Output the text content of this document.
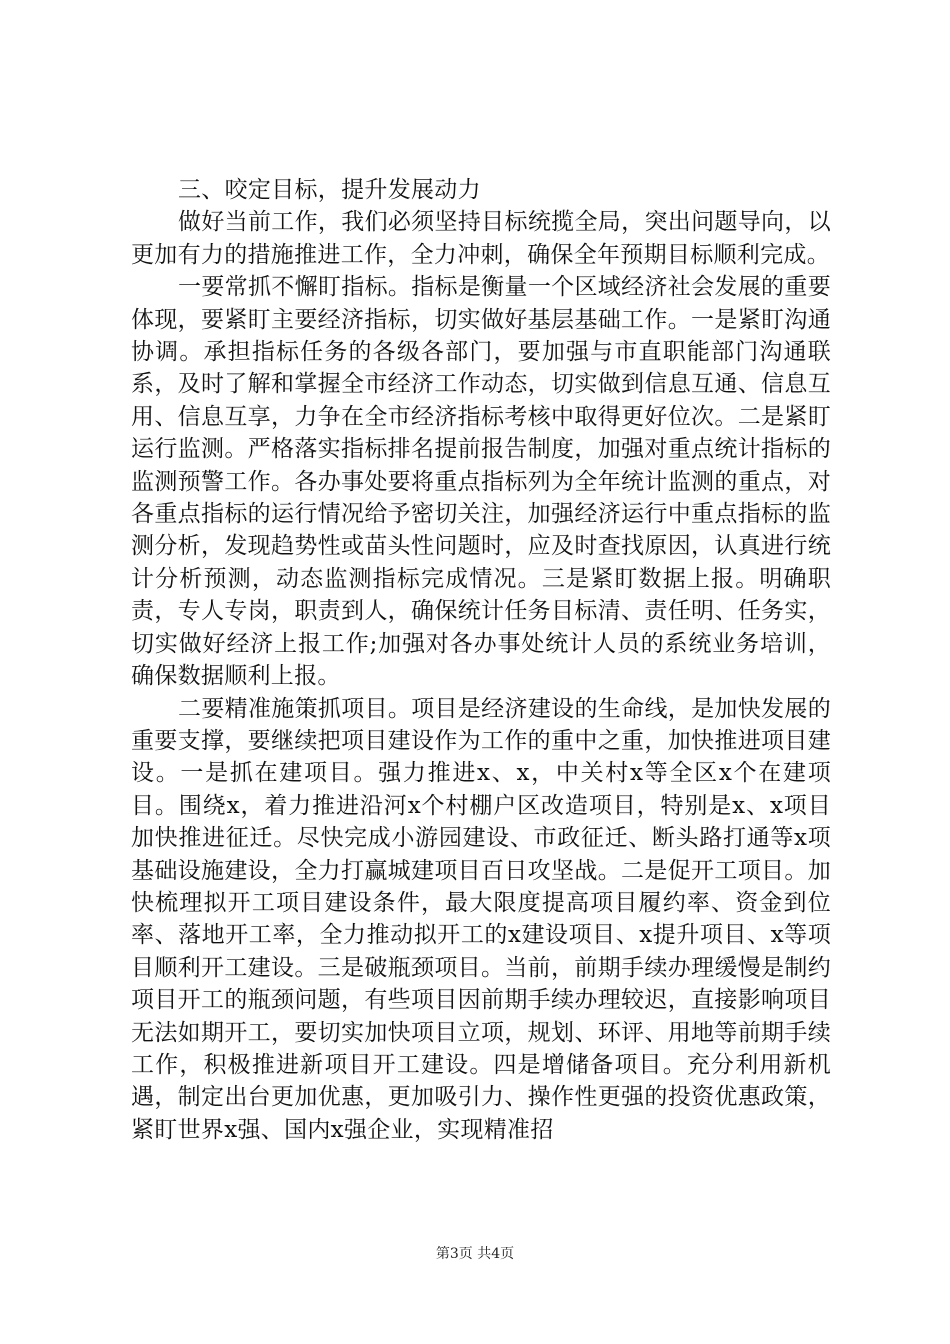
三、咬定目标，提升发展动力

做好当前工作，我们必须坚持目标统揽全局，突出问题导向，以更加有力的措施推进工作，全力冲刺，确保全年预期目标顺利完成。

一要常抓不懈盯指标。指标是衡量一个区域经济社会发展的重要体现，要紧盯主要经济指标，切实做好基层基础工作。一是紧盯沟通协调。承担指标任务的各级各部门，要加强与市直职能部门沟通联系，及时了解和掌握全市经济工作动态，切实做到信息互通、信息互用、信息互享，力争在全市经济指标考核中取得更好位次。二是紧盯运行监测。严格落实指标排名提前报告制度，加强对重点统计指标的监测预警工作。各办事处要将重点指标列为全年统计监测的重点，对各重点指标的运行情况给予密切关注，加强经济运行中重点指标的监测分析，发现趋势性或苗头性问题时，应及时查找原因，认真进行统计分析预测，动态监测指标完成情况。三是紧盯数据上报。明确职责，专人专岗，职责到人，确保统计任务目标清、责任明、任务实，切实做好经济上报工作;加强对各办事处统计人员的系统业务培训，确保数据顺利上报。

二要精准施策抓项目。项目是经济建设的生命线，是加快发展的重要支撑，要继续把项目建设作为工作的重中之重，加快推进项目建设。一是抓在建项目。强力推进x、x，中关村x等全区x个在建项目。围绕x，着力推进沿河x个村棚户区改造项目，特别是x、x项目加快推进征迁。尽快完成小游园建设、市政征迁、断头路打通等x项基础设施建设，全力打赢城建项目百日攻坚战。二是促开工项目。加快梳理拟开工项目建设条件，最大限度提高项目履约率、资金到位率、落地开工率，全力推动拟开工的x建设项目、x提升项目、x等项目顺利开工建设。三是破瓶颈项目。当前，前期手续办理缓慢是制约项目开工的瓶颈问题，有些项目因前期手续办理较迟，直接影响项目无法如期开工，要切实加快项目立项，规划、环评、用地等前期手续工作，积极推进新项目开工建设。四是增储备项目。充分利用新机遇，制定出台更加优惠，更加吸引力、操作性更强的投资优惠政策，紧盯世界x强、国内x强企业，实现精准招

第3页 共4页
